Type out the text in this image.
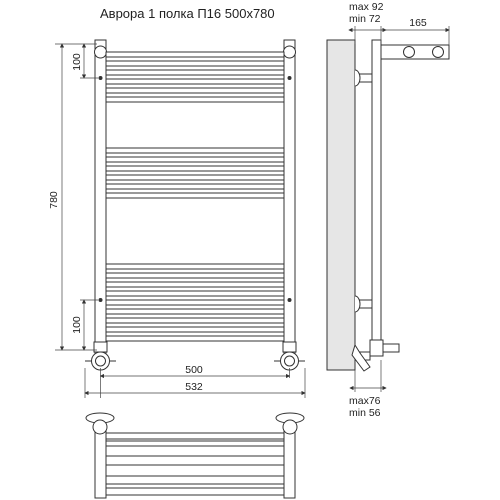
Аврора 1 полка П16 500x780
780
100
100
500
532
max 92
min 72	165
max76
min 56
